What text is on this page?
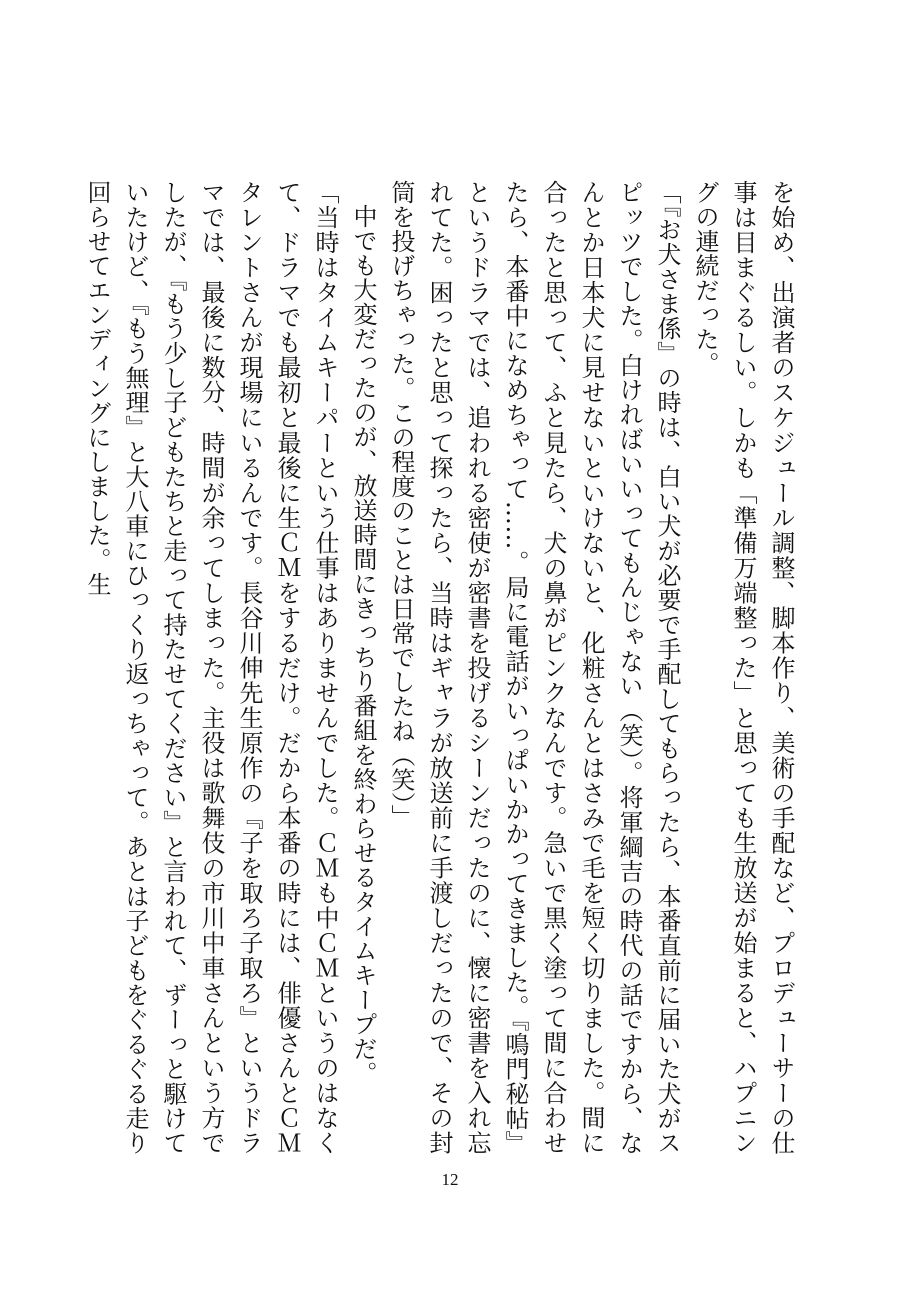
を始め、出演者のスケジュール調整、脚本作り、美術の手配など、プロデューサーの仕事は目まぐるしい。しかも「準備万端整った」と思っても生放送が始まると、ハプニングの連続だった。

「『お犬さま係』の時は、白い犬が必要で手配してもらったら、本番直前に届いた犬がスピッツでした。白ければいいってもんじゃない（笑）。将軍綱吉の時代の話ですから、なんとか日本犬に見せないといけないと、化粧さんとはさみで毛を短く切りました。間に合ったと思って、ふと見たら、犬の鼻がピンクなんです。急いで黒く塗って間に合わせたら、本番中になめちゃって……。局に電話がいっぱいかかってきました。『鳴門秘帖』というドラマでは、追われる密使が密書を投げるシーンだったのに、懐に密書を入れ忘れてた。困ったと思って探ったら、当時はギャラが放送前に手渡しだったので、その封筒を投げちゃった。この程度のことは日常でしたね（笑）」

中でも大変だったのが、放送時間にきっちり番組を終わらせるタイムキープだ。

「当時はタイムキーパーという仕事はありませんでした。ＣＭも中ＣＭというのはなくて、ドラマでも最初と最後に生ＣＭをするだけ。だから本番の時には、俳優さんとＣＭタレントさんが現場にいるんです。長谷川伸先生原作の『子を取ろ子取ろ』というドラマでは、最後に数分、時間が余ってしまった。主役は歌舞伎の市川中車さんという方でしたが、『もう少し子どもたちと走って持たせてください』と言われて、ずーっと駆けていたけど、『もう無理』と大八車にひっくり返っちゃって。あとは子どもをぐるぐる走り回らせてエンディングにしました。生

12
